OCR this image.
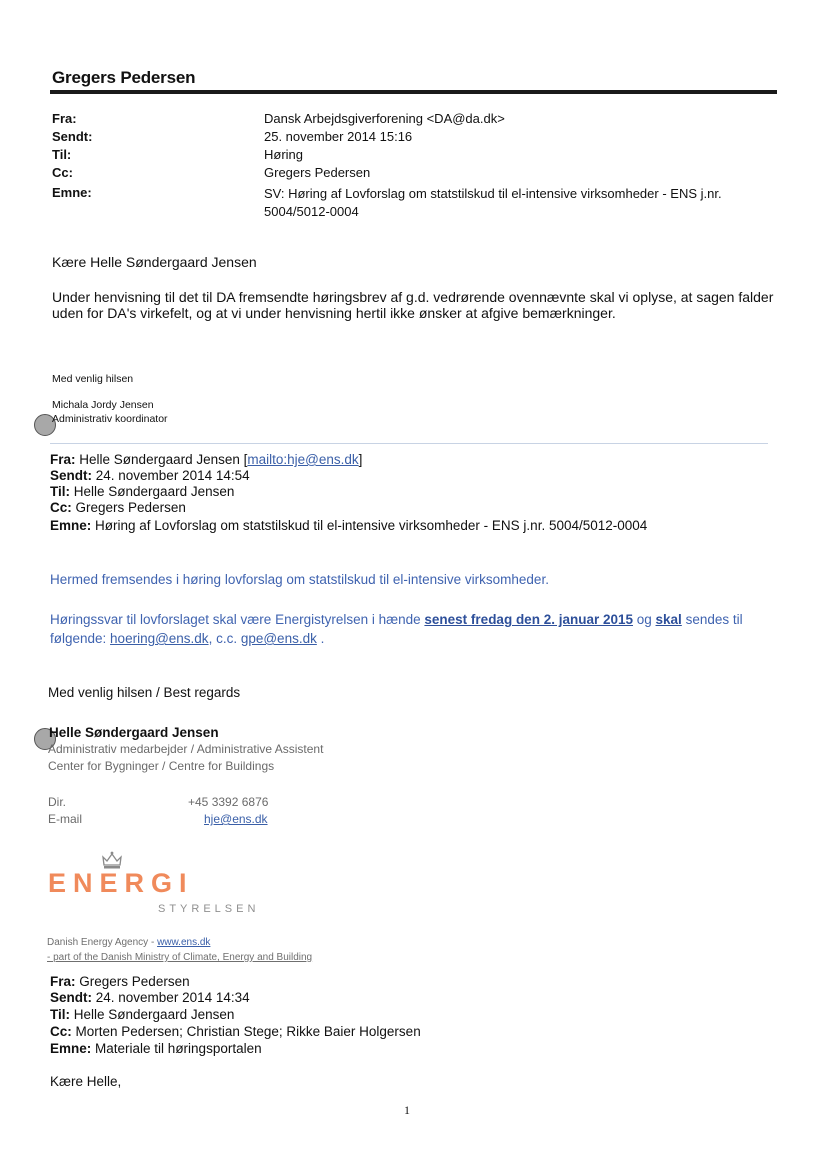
Gregers Pedersen
Fra:	Dansk Arbejdsgiverforening <DA@da.dk>
Sendt:	25. november 2014 15:16
Til:	Høring
Cc:	Gregers Pedersen
Emne:	SV: Høring af Lovforslag om statstilskud til el-intensive virksomheder - ENS j.nr. 5004/5012-0004
Kære Helle Søndergaard Jensen
Under henvisning til det til DA fremsendte høringsbrev af g.d. vedrørende ovennævnte skal vi oplyse, at sagen falder uden for DA's virkefelt, og at vi under henvisning hertil ikke ønsker at afgive bemærkninger.
Med venlig hilsen
Michala Jordy Jensen
Administrativ koordinator
Fra: Helle Søndergaard Jensen [mailto:hje@ens.dk]
Sendt: 24. november 2014 14:54
Til: Helle Søndergaard Jensen
Cc: Gregers Pedersen
Emne: Høring af Lovforslag om statstilskud til el-intensive virksomheder - ENS j.nr. 5004/5012-0004
Hermed fremsendes i høring lovforslag om statstilskud til el-intensive virksomheder.
Høringssvar til lovforslaget skal være Energistyrelsen i hænde senest fredag den 2. januar 2015 og skal sendes til
følgende: hoering@ens.dk, c.c. gpe@ens.dk .
Med venlig hilsen / Best regards
Helle Søndergaard Jensen
Administrativ medarbejder / Administrative Assistent
Center for Bygninger / Centre for Buildings
Dir.	+45 3392 6876
E-mail	hje@ens.dk
ENERGI
STYRELSEN
Danish Energy Agency - www.ens.dk
- part of the Danish Ministry of Climate, Energy and Building
Fra: Gregers Pedersen
Sendt: 24. november 2014 14:34
Til: Helle Søndergaard Jensen
Cc: Morten Pedersen; Christian Stege; Rikke Baier Holgersen
Emne: Materiale til høringsportalen
Kære Helle,
1
